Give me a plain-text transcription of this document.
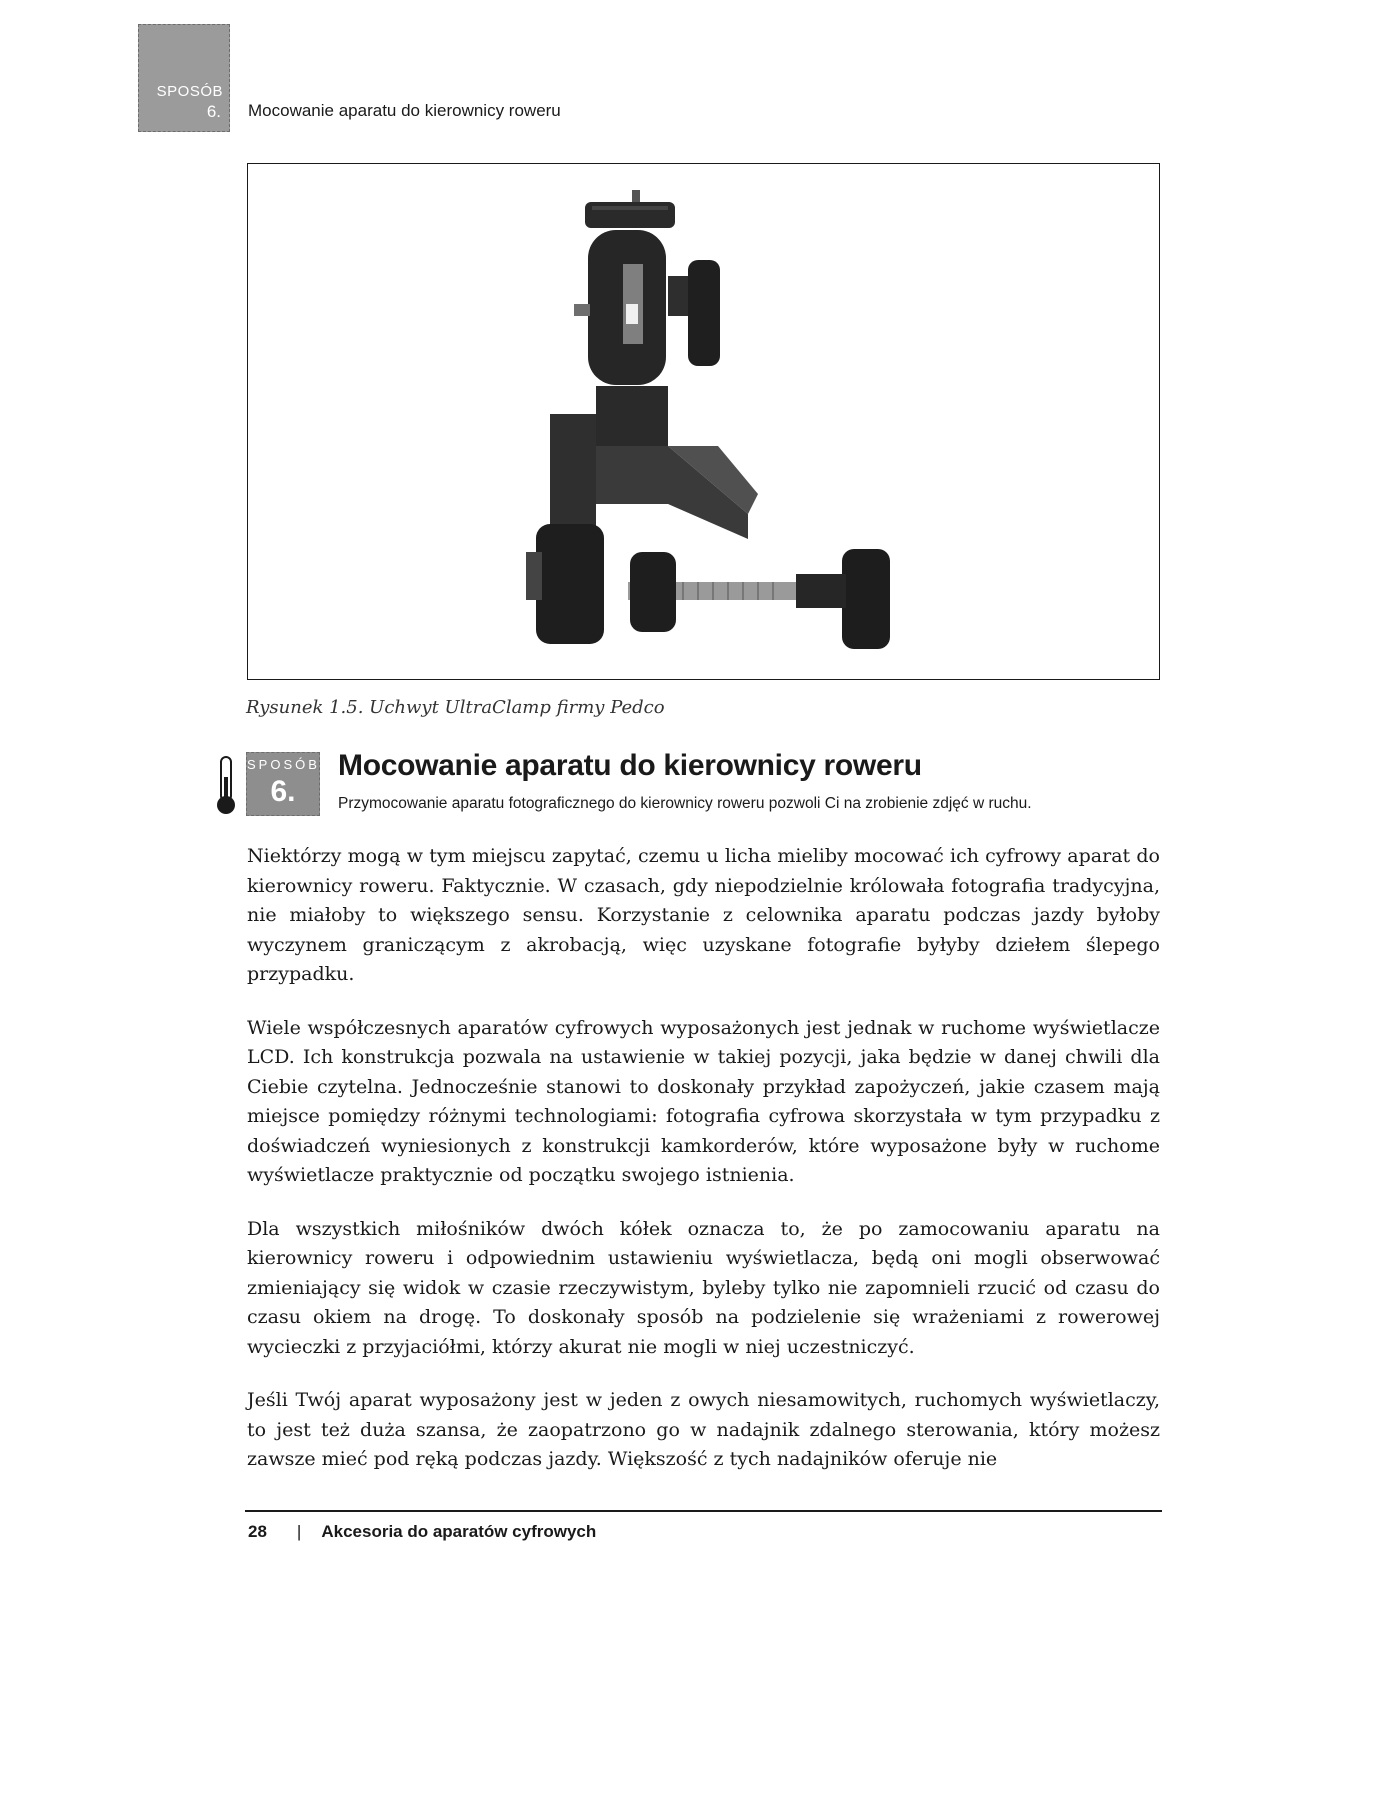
SPOSÓB
6. Mocowanie aparatu do kierownicy roweru
Rysunek 1.5. Uchwyt UltraClamp firmy Pedco
SPOSÓB
6.
Mocowanie aparatu do kierownicy roweru
Przymocowanie aparatu fotograficznego do kierownicy roweru pozwoli Ci na zrobienie zdjęć w ruchu.

Niektórzy mogą w tym miejscu zapytać, czemu u licha mieliby mocować ich cyfrowy aparat do kierownicy roweru. Faktycznie. W czasach, gdy niepodzielnie królowała fotografia tradycyjna, nie miałoby to większego sensu. Korzystanie z celownika aparatu podczas jazdy byłoby wyczynem graniczącym z akrobacją, więc uzyskane fotografie byłyby dziełem ślepego przypadku.

Wiele współczesnych aparatów cyfrowych wyposażonych jest jednak w ruchome wyświetlacze LCD. Ich konstrukcja pozwala na ustawienie w takiej pozycji, jaka będzie w danej chwili dla Ciebie czytelna. Jednocześnie stanowi to doskonały przykład zapożyczeń, jakie czasem mają miejsce pomiędzy różnymi technologiami: fotografia cyfrowa skorzystała w tym przypadku z doświadczeń wyniesionych z konstrukcji kamkorderów, które wyposażone były w ruchome wyświetlacze praktycznie od początku swojego istnienia.

Dla wszystkich miłośników dwóch kółek oznacza to, że po zamocowaniu aparatu na kierownicy roweru i odpowiednim ustawieniu wyświetlacza, będą oni mogli obserwować zmieniający się widok w czasie rzeczywistym, byleby tylko nie zapomnieli rzucić od czasu do czasu okiem na drogę. To doskonały sposób na podzielenie się wrażeniami z rowerowej wycieczki z przyjaciółmi, którzy akurat nie mogli w niej uczestniczyć.

Jeśli Twój aparat wyposażony jest w jeden z owych niesamowitych, ruchomych wyświetlaczy, to jest też duża szansa, że zaopatrzono go w nadajnik zdalnego sterowania, który możesz zawsze mieć pod ręką podczas jazdy. Większość z tych nadajników oferuje nie

28 | Akcesoria do aparatów cyfrowych
